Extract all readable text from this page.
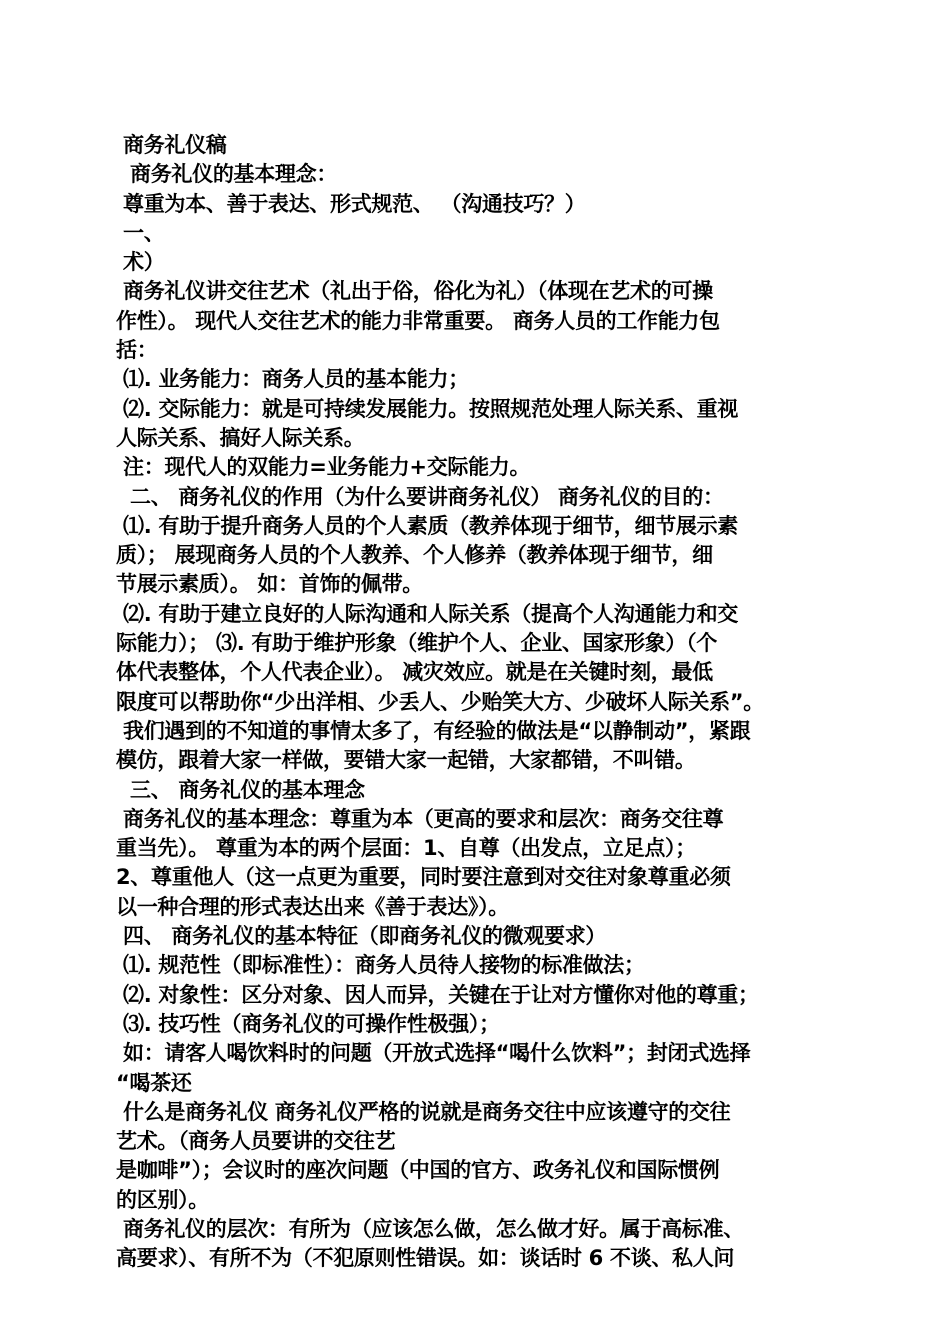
商务礼仪稿
商务礼仪的基本理念：
尊重为本、善于表达、形式规范、 （沟通技巧？）
一、
术）
商务礼仪讲交往艺术（礼出于俗，俗化为礼）（体现在艺术的可操
作性）。 现代人交往艺术的能力非常重要。 商务人员的工作能力包
括：
⑴. 业务能力：商务人员的基本能力；
⑵. 交际能力：就是可持续发展能力。按照规范处理人际关系、重视
人际关系、搞好人际关系。
注：现代人的双能力=业务能力+交际能力。
二、 商务礼仪的作用（为什么要讲商务礼仪） 商务礼仪的目的：
⑴. 有助于提升商务人员的个人素质（教养体现于细节，细节展示素
质）； 展现商务人员的个人教养、个人修养（教养体现于细节，细
节展示素质）。 如：首饰的佩带。
⑵. 有助于建立良好的人际沟通和人际关系（提高个人沟通能力和交
际能力）； ⑶. 有助于维护形象（维护个人、企业、国家形象）（个
体代表整体，个人代表企业）。 减灾效应。就是在关键时刻，最低
限度可以帮助你“少出洋相、少丢人、少贻笑大方、少破坏人际关系”。
我们遇到的不知道的事情太多了，有经验的做法是“以静制动”，紧跟
模仿，跟着大家一样做，要错大家一起错，大家都错，不叫错。
三、 商务礼仪的基本理念
商务礼仪的基本理念：尊重为本（更高的要求和层次：商务交往尊
重当先）。 尊重为本的两个层面：1、自尊（出发点，立足点）；
2、尊重他人（这一点更为重要，同时要注意到对交往对象尊重必须
以一种合理的形式表达出来《善于表达》）。
四、 商务礼仪的基本特征（即商务礼仪的微观要求）
⑴. 规范性（即标准性）：商务人员待人接物的标准做法；
⑵. 对象性：区分对象、因人而异，关键在于让对方懂你对他的尊重；
⑶. 技巧性（商务礼仪的可操作性极强）；
如：请客人喝饮料时的问题（开放式选择“喝什么饮料”；封闭式选择
“喝茶还
什么是商务礼仪 商务礼仪严格的说就是商务交往中应该遵守的交往
艺术。（商务人员要讲的交往艺
是咖啡”）；会议时的座次问题（中国的官方、政务礼仪和国际惯例
的区别）。
商务礼仪的层次：有所为（应该怎么做，怎么做才好。属于高标准、
高要求）、有所不为（不犯原则性错误。如：谈话时 6 不谈、私人问
